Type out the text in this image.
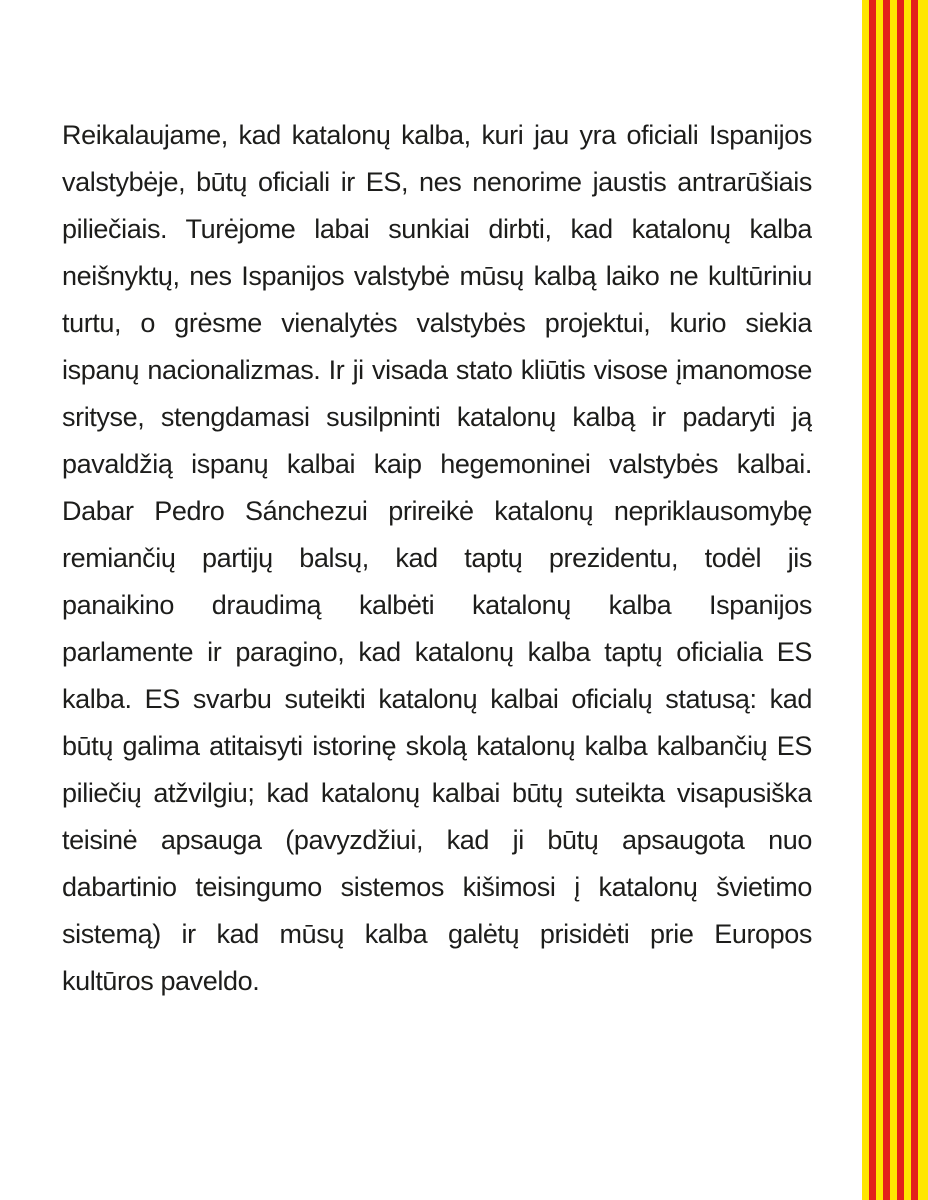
Reikalaujame, kad katalonų kalba, kuri jau yra oficiali Ispanijos
valstybėje, būtų oficiali ir ES, nes nenorime jaustis antrarūšiais
piliečiais. Turėjome labai sunkiai dirbti, kad katalonų kalba
neišnyktų, nes Ispanijos valstybė mūsų kalbą laiko ne kultūriniu
turtu, o grėsme vienalytės valstybės projektui, kurio siekia
ispanų nacionalizmas. Ir ji visada stato kliūtis visose įmanomose
srityse, stengdamasi susilpninti katalonų kalbą ir padaryti ją
pavaldžią ispanų kalbai kaip hegemoninei valstybės kalbai.
Dabar Pedro Sánchezui prireikė katalonų nepriklausomybę
remiančių partijų balsų, kad taptų prezidentu, todėl jis
panaikino draudimą kalbėti katalonų kalba Ispanijos
parlamente ir paragino, kad katalonų kalba taptų oficialia ES
kalba. ES svarbu suteikti katalonų kalbai oficialų statusą: kad
būtų galima atitaisyti istorinę skolą katalonų kalba kalbančių ES
piliečių atžvilgiu; kad katalonų kalbai būtų suteikta visapusiška
teisinė apsauga (pavyzdžiui, kad ji būtų apsaugota nuo
dabartinio teisingumo sistemos kišimosi į katalonų švietimo
sistemą) ir kad mūsų kalba galėtų prisidėti prie Europos
kultūros paveldo.
